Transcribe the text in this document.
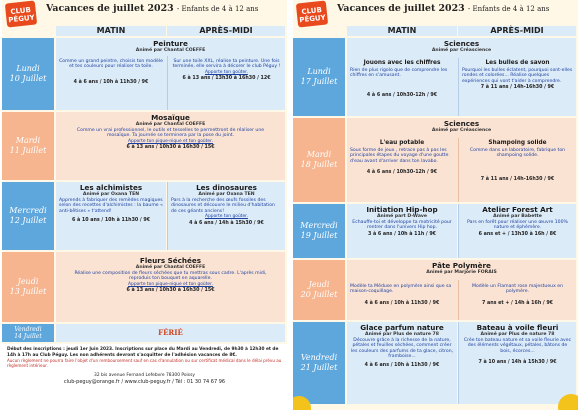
CLUB
PÉGUY
Vacances de juillet 2023 - Enfants de 4 à 12 ans
MATIN	APRÈS-MIDI
Lundi
10 Juillet
Mardi
11 Juillet
Mercredi
12 Juillet
Jeudi
13 Juillet
Vendredi
14 Juillet
Peinture
Animé par Chantal COEFFE
Comme un grand peintre, choisis ton modèle et tes couleurs pour réaliser ta toile.
4 à 6 ans / 10h à 11h30 / 9€
Sur une toile XXL, réalise ta peinture. Une fois terminée, elle servira à décorer le club Péguy !
Apporte ton goûter.
6 à 13 ans / 13h30 à 16h30 / 12€
Mosaïque
Animé par Chantal COEFFE
Comme un vrai professionnel, le outils et tesselles te permettront de réaliser une mosaïque. Ta journée se terminera par la pose du joint.
Apporte ton pique-nique et ton goûter.
6 à 13 ans / 10h30 à 16h30 / 15€
Les alchimistes
Animé par Oxana TEN
Apprends à fabriquer des remèdes magiques selon des recettes d'alchimistes : la baume « anti-bêtises » t'attend!
6 à 10 ans / 10h à 11h30 / 9€
Les dinosaures
Animé par Oxana TEN
Pars à la recherche des œufs fossiles des dinosaures et découvre le milieu d'habitation de ces géants anciens!
Apporte ton goûter.
4 à 6 ans / 14h à 15h30 / 9€
Fleurs Séchées
Animé par Chantal COEFFE
Réalise une composition de fleurs séchées que tu mettras sous cadre. L'après midi, reproduis ton bouquet en aquarelle.
Apporte ton pique-nique et ton goûter.
6 à 13 ans / 10h30 à 16h30 / 15€
FÉRIÉ
Début des inscriptions : jeudi 1er Juin 2023. Inscriptions sur place du Mardi au Vendredi, de 9h30 à 12h30 et de 14h à 17h au Club Péguy. Les non adhérents devront s'acquitter de l'adhésion vacances de 8€.
Aucun règlement ne pourra faire l'objet d'un remboursement sauf en cas d'annulation ou sur certificat médical dans le délai prévu au règlement intérieur.
32 bis avenue Fernand Lefebvre 78300 Poissy
club-peguy@orange.fr / www.club-peguy.fr / Tél : 01 30 74 67 96
CLUB
PÉGUY
Vacances de juillet 2023 - Enfants de 4 à 12 ans
MATIN	APRÈS-MIDI
Lundi
17 Juillet
Mardi
18 Juillet
Mercredi
19 Juillet
Jeudi
20 Juillet
Vendredi
21 Juillet
Sciences
Animé par Créascience
Jouons avec les chiffres
Rien de plus rigolo que de comprendre les chiffres en s'amusant.
4 à 6 ans / 10h30-12h / 9€
Les bulles de savon
Pourquoi les bulles éclatent, pourquoi sont-elles rondes et colorées... Réalise quelques expériences qui vont t'aider à comprendre.
7 à 11 ans / 14h-16h30 / 9€
Sciences
Animé par Créascience
L'eau potable
Sous forme de jeux , retrace pas à pas les principales étapes du voyage d'une goutte d'eau avant d'arriver dans ton lavabo.
4 à 6 ans / 10h30-12h / 9€
Shampoing solide
Comme dans un laboratoire, fabrique ton shampoing solide.
7 à 11 ans / 14h-16h30 / 9€
Initiation Hip-hop
Animé part D-Wave
Echauffe-toi et développe ta motricité pour rentrer dans l'univers Hip hop.
3 à 6 ans / 10h à 11h / 9€
Atelier Forest Art
Animé par Babette
Pars en forêt pour réaliser une œuvre 100% nature et éphémère.
6 ans et + / 13h30 à 16h / 8€
Pâte Polymère
Animé par Marjorie FORAIS
Modèle ta Méduse en polymère ainsi que sa maison-coquillage.
4 à 6 ans / 10h à 11h30 / 9€
Modèle un Flamant rose majestueux en polymère.
7 ans et + / 14h à 16h / 9€
Glace parfum nature
Animé par Plus de nature 78
Découvre grâce à la richesse de la nature, pétales et feuilles séchées, comment créer les couleurs des parfums de ta glace, citron, framboise...
4 à 6 ans / 10h à 11h30 / 9€
Bateau à voile fleuri
Animé par Plus de nature 78
Crée ton bateau nature et sa voile fleurie avec des éléments végétaux, pétales, bâtons de bois, écorces...
7 à 10 ans / 14h à 15h30 / 9€
